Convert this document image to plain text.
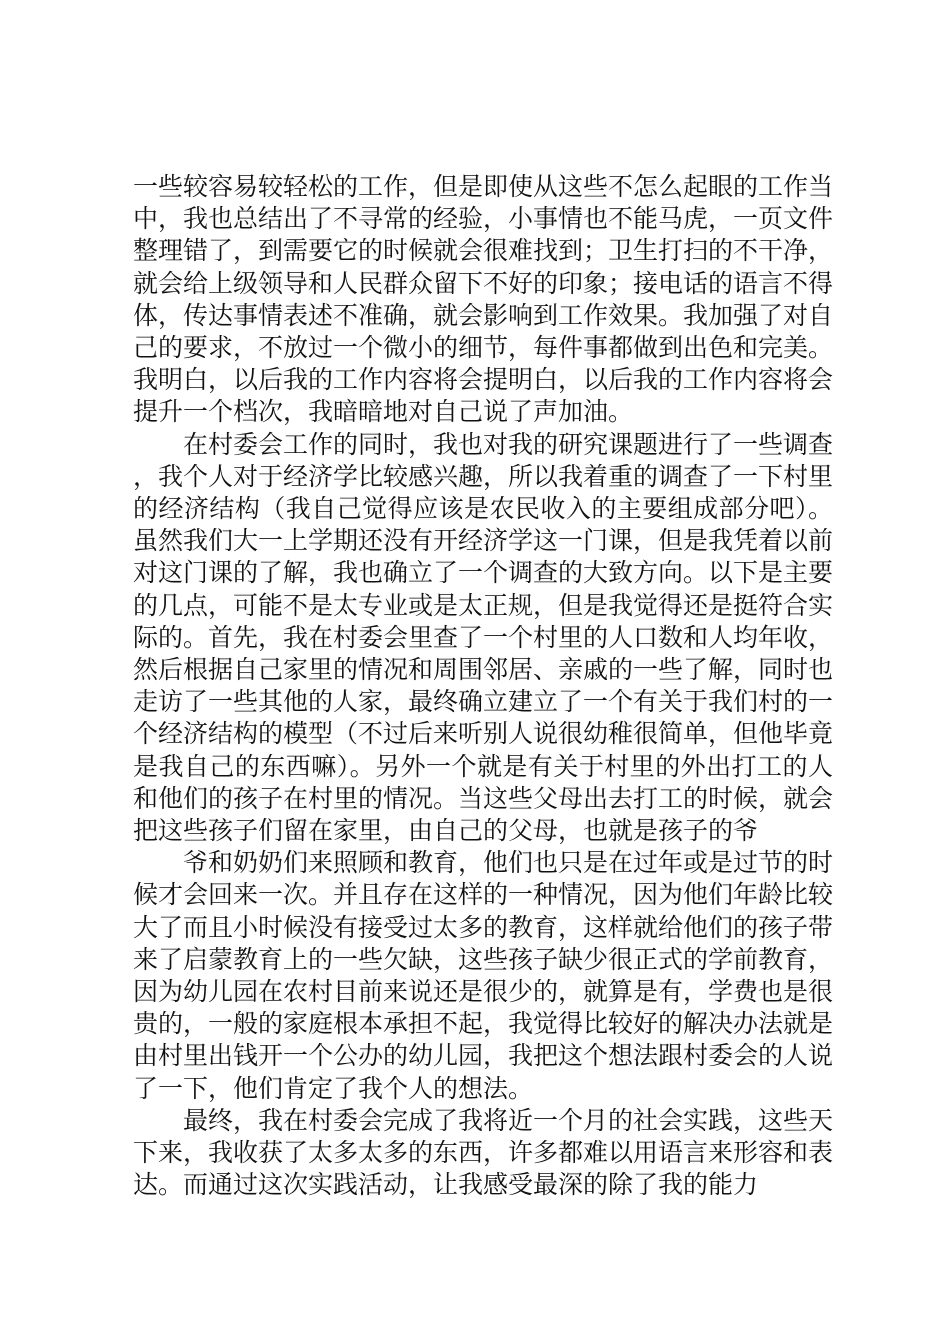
一些较容易较轻松的工作，但是即使从这些不怎么起眼的工作当中，我也总结出了不寻常的经验，小事情也不能马虎，一页文件整理错了，到需要它的时候就会很难找到；卫生打扫的不干净，就会给上级领导和人民群众留下不好的印象；接电话的语言不得体，传达事情表述不准确，就会影响到工作效果。我加强了对自己的要求，不放过一个微小的细节，每件事都做到出色和完美。我明白，以后我的工作内容将会提明白，以后我的工作内容将会提升一个档次，我暗暗地对自己说了声加油。

在村委会工作的同时，我也对我的研究课题进行了一些调查，我个人对于经济学比较感兴趣，所以我着重的调查了一下村里的经济结构（我自己觉得应该是农民收入的主要组成部分吧）。虽然我们大一上学期还没有开经济学这一门课，但是我凭着以前对这门课的了解，我也确立了一个调查的大致方向。以下是主要的几点，可能不是太专业或是太正规，但是我觉得还是挺符合实际的。首先，我在村委会里查了一个村里的人口数和人均年收，然后根据自己家里的情况和周围邻居、亲戚的一些了解，同时也走访了一些其他的人家，最终确立建立了一个有关于我们村的一个经济结构的模型（不过后来听别人说很幼稚很简单，但他毕竟是我自己的东西嘛）。另外一个就是有关于村里的外出打工的人和他们的孩子在村里的情况。当这些父母出去打工的时候，就会把这些孩子们留在家里，由自己的父母，也就是孩子的爷

爷和奶奶们来照顾和教育，他们也只是在过年或是过节的时候才会回来一次。并且存在这样的一种情况，因为他们年龄比较大了而且小时候没有接受过太多的教育，这样就给他们的孩子带来了启蒙教育上的一些欠缺，这些孩子缺少很正式的学前教育，因为幼儿园在农村目前来说还是很少的，就算是有，学费也是很贵的，一般的家庭根本承担不起，我觉得比较好的解决办法就是由村里出钱开一个公办的幼儿园，我把这个想法跟村委会的人说了一下，他们肯定了我个人的想法。

最终，我在村委会完成了我将近一个月的社会实践，这些天下来，我收获了太多太多的东西，许多都难以用语言来形容和表达。而通过这次实践活动，让我感受最深的除了我的能力
